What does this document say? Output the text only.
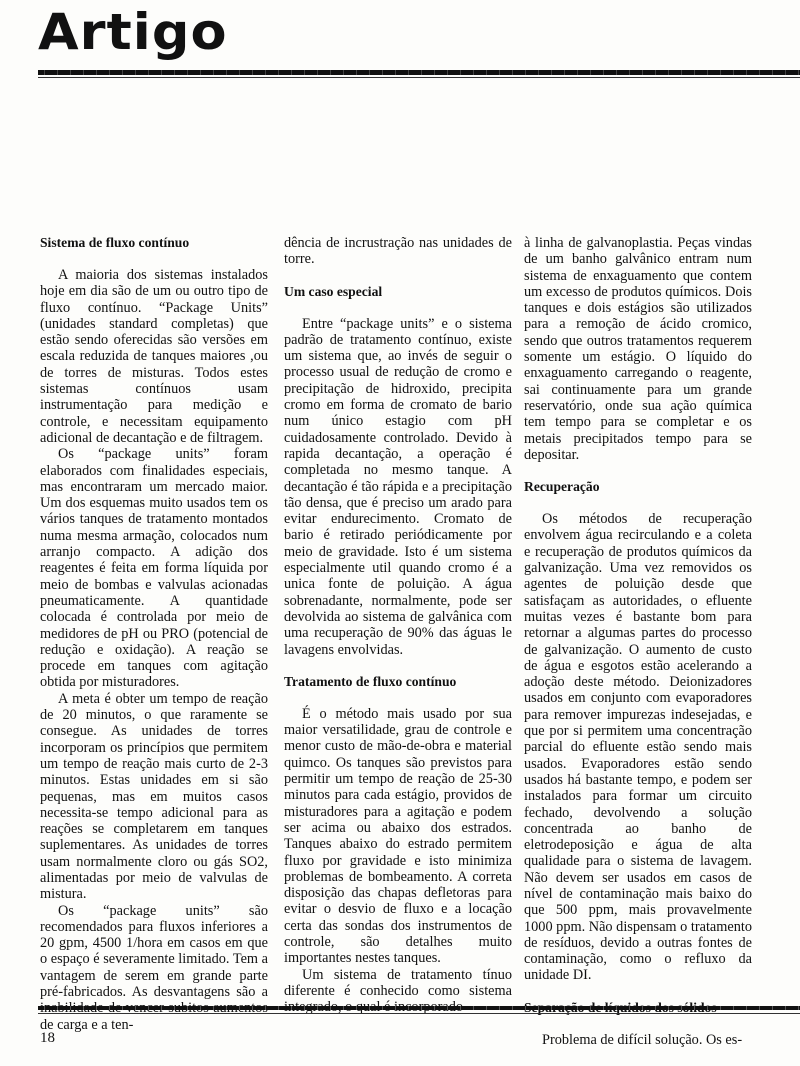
Artigo
Sistema de fluxo contínuo

A maioria dos sistemas instalados hoje em dia são de um ou outro tipo de fluxo contínuo. “Package Units” (unidades standard completas) que estão sendo oferecidas são versões em escala reduzida de tanques maiores ,ou de torres de misturas. Todos estes sistemas contínuos usam instrumentação para medição e controle, e necessitam equipamento adicional de decantação e de filtragem.

Os “package units” foram elaborados com finalidades especiais, mas encontraram um mercado maior. Um dos esquemas muito usados tem os vários tanques de tratamento montados numa mesma armação, colocados num arranjo compacto. A adição dos reagentes é feita em forma líquida por meio de bombas e valvulas acionadas pneumaticamente. A quantidade colocada é controlada por meio de medidores de pH ou PRO (potencial de redução e oxidação). A reação se procede em tanques com agitação obtida por misturadores.

A meta é obter um tempo de reação de 20 minutos, o que raramente se consegue. As unidades de torres incorporam os princípios que permitem um tempo de reação mais curto de 2-3 minutos. Estas unidades em si são pequenas, mas em muitos casos necessita-se tempo adicional para as reações se completarem em tanques suplementares. As unidades de torres usam normalmente cloro ou gás SO2, alimentadas por meio de valvulas de mistura.

Os “package units” são recomendados para fluxos inferiores a 20 gpm, 4500 1/hora em casos em que o espaço é severamente limitado. Tem a vantagem de serem em grande parte pré-fabricados. As desvantagens são a de carga e a ten-

dência de incrustração nas unidades de torre.

Um caso especial

Entre “package units” e o sistema padrão de tratamento contínuo, existe um sistema que, ao invés de seguir o processo usual de redução de cromo e precipitação de hidroxido, precipita cromo em forma de cromato de bario num único estagio com pH cuidadosamente controlado. Devido à rapida decantação, a operação é completada no mesmo tanque. A decantação é tão rápida e a precipitação tão densa, que é preciso um arado para evitar endurecimento. Cromato de bario é retirado periódicamente por meio de gravidade. Isto é um sistema especialmente util quando cromo é a unica fonte de poluição. A água sobrenadante, normalmente, pode ser devolvida ao sistema de galvânica com uma recuperação de 90% das águas le lavagens envolvidas.

Tratamento de fluxo contínuo

É o método mais usado por sua maior versatilidade, grau de controle e menor custo de mão-de-obra e material quimco. Os tanques são previstos para permitir um tempo de reação de 25-30 minutos para cada estágio, providos de misturadores para a agitação e podem ser acima ou abaixo dos estrados. Tanques abaixo do estrado permitem fluxo por gravidade e isto minimiza problemas de bombeamento. A correta disposição das chapas defletoras para evitar o desvio de fluxo e a locação certa das sondas dos instrumentos de controle, são detalhes muito importantes nestes tanques.

Um sistema de tratamento tínuo diferente é conhecido como sistema

à linha de galvanoplastia. Peças vindas de um banho galvânico entram num sistema de enxaguamento que contem um excesso de produtos químicos. Dois tanques e dois estágios são utilizados para a remoção de ácido cromico, sendo que outros tratamentos requerem somente um estágio. O líquido do enxaguamento carregando o reagente, sai continuamente para um grande reservatório, onde sua ação química tem tempo para se completar e os metais precipitados tempo para se depositar.

Recuperação

Os métodos de recuperação envolvem água recirculando e a coleta e recuperação de produtos químicos da galvanização. Uma vez removidos os agentes de poluição desde que satisfaçam as autoridades, o efluente muitas vezes é bastante bom para retornar a algumas partes do processo de galvanização. O aumento de custo de água e esgotos estão acelerando a adoção deste método. Deionizadores usados em conjunto com evaporadores para remover impurezas indesejadas, e que por si permitem uma concentração parcial do efluente estão sendo mais usados. Evaporadores estão sendo usados há bastante tempo, e podem ser instalados para formar um circuito fechado, devolvendo a solução concentrada ao banho de eletrodeposição e água de alta qualidade para o sistema de lavagem. Não devem ser usados em casos de nível de contaminação mais baixo do que 500 ppm, mais provavelmente 1000 ppm. Não dispensam o tratamento de resíduos, devido a outras fontes de contaminação, como o refluxo da unidade DI.

Problema de difícil solução. Os es-

18
